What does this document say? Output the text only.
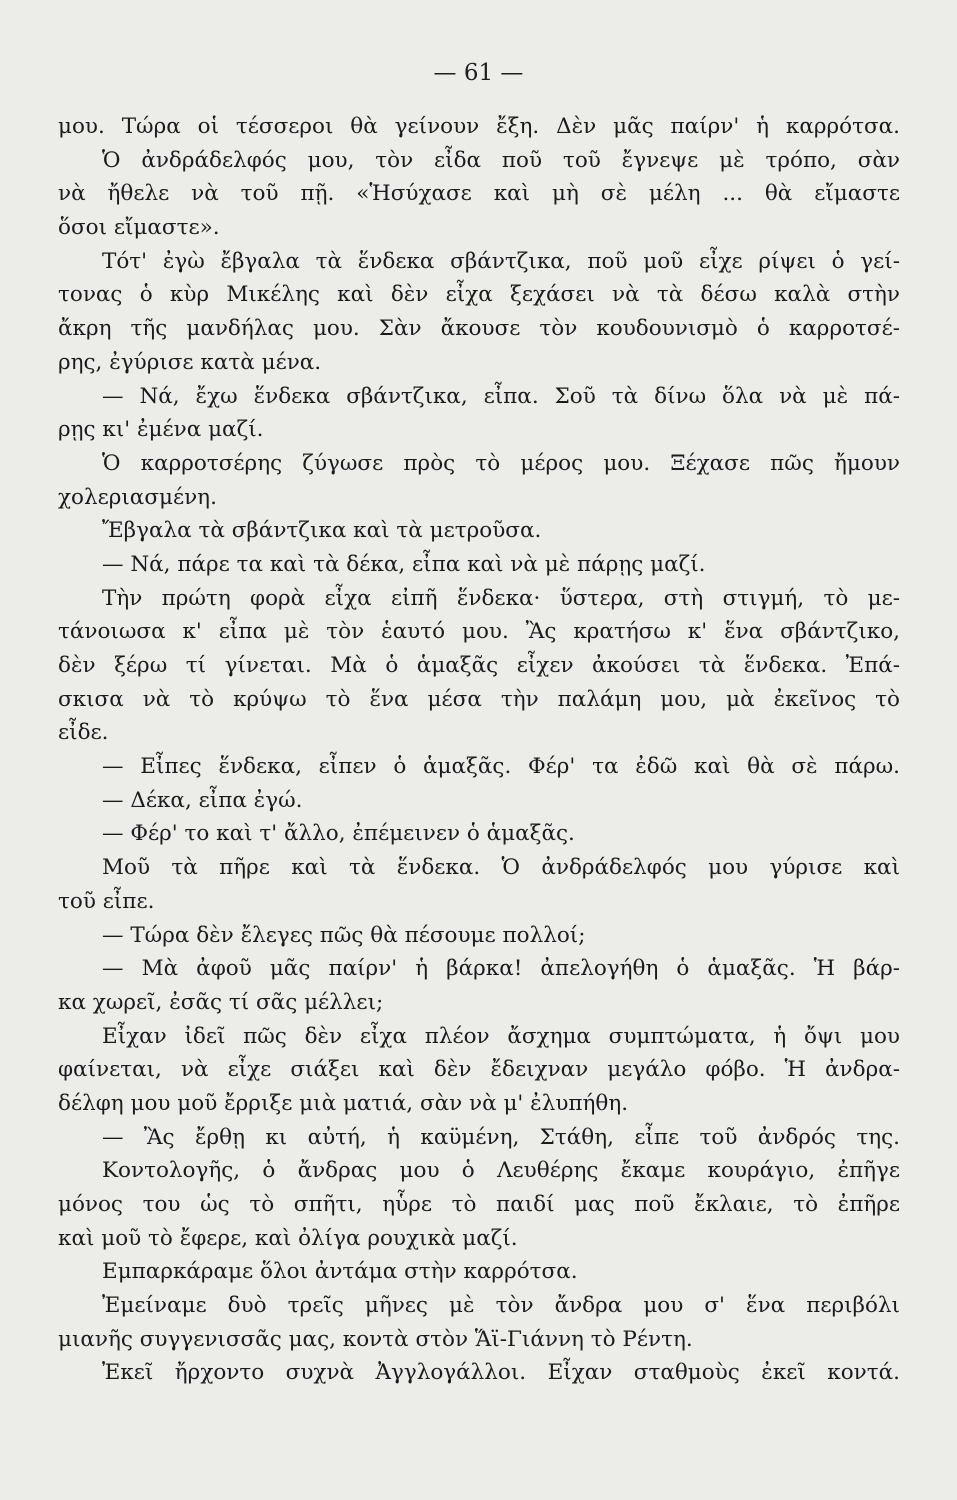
— 61 —
μου. Τώρα οἱ τέσσεροι θὰ γείνουν ἔξη. Δὲν μᾶς παίρν' ἡ καρρότσα.
Ὁ ἀνδράδελφός μου, τὸν εἶδα ποῦ τοῦ ἔγνεψε μὲ τρόπο, σὰν
νὰ ἤθελε νὰ τοῦ πῇ. «Ἡσύχασε καὶ μὴ σὲ μέλη ... θὰ εἴμαστε
ὅσοι εἴμαστε».
Τότ' ἐγὼ ἔβγαλα τὰ ἕνδεκα σβάντζικα, ποῦ μοῦ εἶχε ρίψει ὁ γεί-
τονας ὁ κὺρ Μικέλης καὶ δὲν εἶχα ξεχάσει νὰ τὰ δέσω καλὰ στὴν
ἄκρη τῆς μανδήλας μου. Σὰν ἄκουσε τὸν κουδουνισμὸ ὁ καρροτσέ-
ρης, ἐγύρισε κατὰ μένα.
— Νά, ἔχω ἕνδεκα σβάντζικα, εἶπα. Σοῦ τὰ δίνω ὅλα νὰ μὲ πά-
ρῃς κι' ἐμένα μαζί.
Ὁ καρροτσέρης ζύγωσε πρὸς τὸ μέρος μου. Ξέχασε πῶς ἤμουν
χολεριασμένη.
Ἔβγαλα τὰ σβάντζικα καὶ τὰ μετροῦσα.
— Νά, πάρε τα καὶ τὰ δέκα, εἶπα καὶ νὰ μὲ πάρῃς μαζί.
Τὴν πρώτη φορὰ εἶχα εἰπῆ ἕνδεκα· ὕστερα, στὴ στιγμή, τὸ με-
τάνοιωσα κ' εἶπα μὲ τὸν ἑαυτό μου. Ἂς κρατήσω κ' ἕνα σβάντζικο,
δὲν ξέρω τί γίνεται. Μὰ ὁ ἁμαξᾶς εἶχεν ἀκούσει τὰ ἕνδεκα. Ἐπά-
σκισα νὰ τὸ κρύψω τὸ ἕνα μέσα τὴν παλάμη μου, μὰ ἐκεῖνος τὸ
εἶδε.
— Εἶπες ἕνδεκα, εἶπεν ὁ ἁμαξᾶς. Φέρ' τα ἐδῶ καὶ θὰ σὲ πάρω.
— Δέκα, εἶπα ἐγώ.
— Φέρ' το καὶ τ' ἄλλο, ἐπέμεινεν ὁ ἁμαξᾶς.
Μοῦ τὰ πῆρε καὶ τὰ ἕνδεκα. Ὁ ἀνδράδελφός μου γύρισε καὶ
τοῦ εἶπε.
— Τώρα δὲν ἔλεγες πῶς θὰ πέσουμε πολλοί;
— Μὰ ἀφοῦ μᾶς παίρν' ἡ βάρκα! ἀπελογήθη ὁ ἁμαξᾶς. Ἡ βάρ-
κα χωρεῖ, ἐσᾶς τί σᾶς μέλλει;
Εἶχαν ἰδεῖ πῶς δὲν εἶχα πλέον ἄσχημα συμπτώματα, ἡ ὄψι μου
φαίνεται, νὰ εἶχε σιάξει καὶ δὲν ἔδειχναν μεγάλο φόβο. Ἡ ἀνδρα-
δέλφη μου μοῦ ἔρριξε μιὰ ματιά, σὰν νὰ μ' ἐλυπήθη.
— Ἂς ἔρθῃ κι αὐτή, ἡ καϋμένη, Στάθη, εἶπε τοῦ ἀνδρός της.
Κοντολογῆς, ὁ ἄνδρας μου ὁ Λευθέρης ἔκαμε κουράγιο, ἐπῆγε
μόνος του ὡς τὸ σπῆτι, ηὗρε τὸ παιδί μας ποῦ ἔκλαιε, τὸ ἐπῆρε
καὶ μοῦ τὸ ἔφερε, καὶ ὀλίγα ρουχικὰ μαζί.
Εμπαρκάραμε ὅλοι ἀντάμα στὴν καρρότσα.
Ἐμείναμε δυὸ τρεῖς μῆνες μὲ τὸν ἄνδρα μου σ' ἕνα περιβόλι
μιανῆς συγγενισσᾶς μας, κοντὰ στὸν Ἅϊ-Γιάννη τὸ Ρέντη.
Ἐκεῖ ἤρχοντο συχνὰ Ἀγγλογάλλοι. Εἶχαν σταθμοὺς ἐκεῖ κοντά.
